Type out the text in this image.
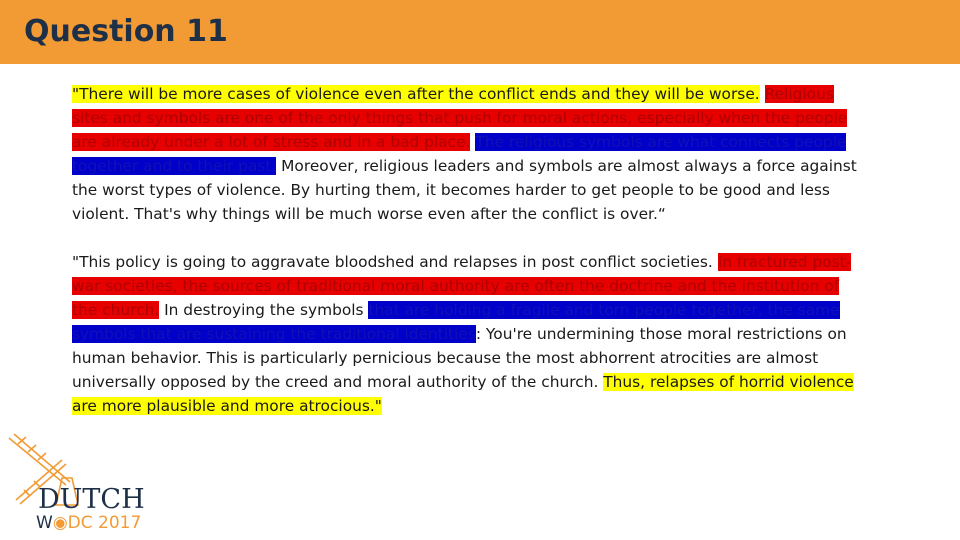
Question 11

"There will be more cases of violence even after the conflict ends and they will be worse. Religious sites and symbols are one of the only things that push for moral actions, especially when the people are already under a lot of stress and in a bad place. The religious symbols are what connects people together and to their past. Moreover, religious leaders and symbols are almost always a force against the worst types of violence. By hurting them, it becomes harder to get people to be good and less violent. That's why things will be much worse even after the conflict is over.“

"This policy is going to aggravate bloodshed and relapses in post conflict societies. In fractured post-war societies, the sources of traditional moral authority are often the doctrine and the institution of the church. In destroying the symbols that are holding a fragile and torn people together, the same symbols that are sustaining the traditional identities: You're undermining those moral restrictions on human behavior. This is particularly pernicious because the most abhorrent atrocities are almost universally opposed by the creed and moral authority of the church. Thus, relapses of horrid violence are more plausible and more atrocious."

DUTCH
W◉DC 2017
